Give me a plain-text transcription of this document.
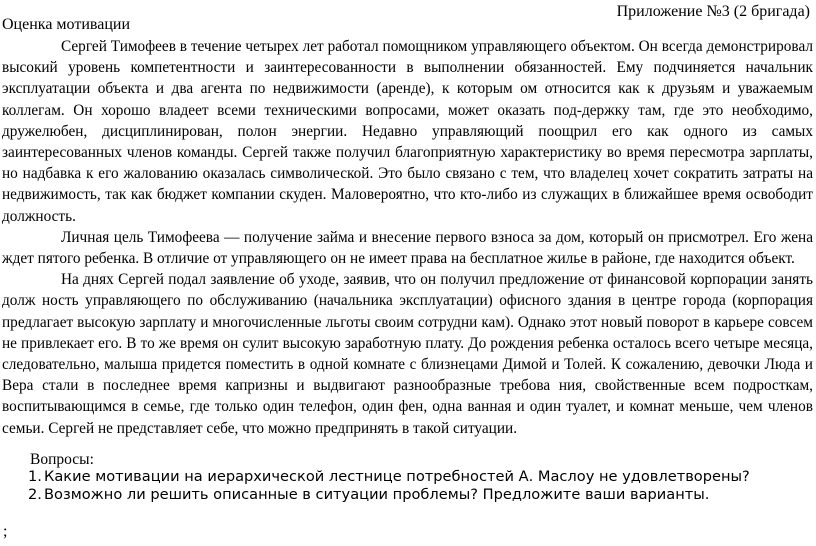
Приложение №3 (2 бригада)

Оценка мотивации

Сергей Тимофеев в течение четырех лет работал помощником управляющего объектом. Он всегда демонстрировал высокий уровень компетентности и заинтересованности в выполнении обязанностей. Ему подчиняется начальник эксплуатации объекта и два агента по недвижимости (аренде), к которым ом относится как к друзьям и уважаемым коллегам. Он хорошо владеет всеми техническими вопросами, может оказать под-держку там, где это необходимо, дружелюбен, дисциплинирован, полон энергии. Недавно управляющий поощрил его как одного из самых заинтересованных членов команды. Сергей также получил благоприятную характеристику во время пересмотра зарплаты, но надбавка к его жалованию оказалась символической. Это было связано с тем, что владелец хочет сократить затраты на недвижимость, так как бюджет компании скуден. Маловероятно, что кто-либо из служащих в ближайшее время освободит должность.

Личная цель Тимофеева — получение займа и внесение первого взноса за дом, который он присмотрел. Его жена ждет пятого ребенка. В отличие от управляющего он не имеет права на бесплатное жилье в районе, где находится объект.

На днях Сергей подал заявление об уходе, заявив, что он получил предложение от финансовой корпорации занять долж ность управляющего по обслуживанию (начальника эксплуатации) офисного здания в центре города (корпорация предлагает высокую зарплату и многочисленные льготы своим сотрудни кам). Однако этот новый поворот в карьере совсем не привлекает его. В то же время он сулит высокую заработную плату. До рождения ребенка осталось всего четыре месяца, следовательно, малыша придется поместить в одной комнате с близнецами Димой и Толей. К сожалению, девочки Люда и Вера стали в последнее время капризны и выдвигают разнообразные требова ния, свойственные всем подросткам, воспитывающимся в семье, где только один телефон, один фен, одна ванная и один туалет, и комнат меньше, чем членов семьи. Сергей не представляет себе, что можно предпринять в такой ситуации.

Вопросы:

1. Какие мотивации на иерархической лестнице потребностей А. Маслоу не удовлетворены?
2. Возможно ли решить описанные в ситуации проблемы? Предложите ваши варианты.

;
